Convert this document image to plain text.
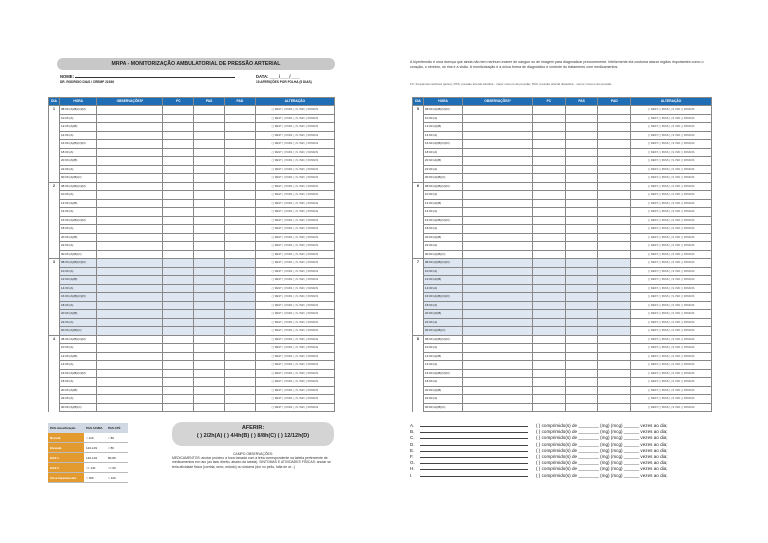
MRPA - MONITORIZAÇÃO AMBULATORIAL DE PRESSÃO ARTERIAL
NOME:	DATA: ____/____/____
DR. RODRIGO DIAS / CREMP 21936	15 AFERIÇÕES POR FOLHA (5 DIAS)
DIA	HORA	OBSERVAÇÕES*	FC	PAS	PAD	ALTERAÇÃO
1	08:00 (A)(B)(C)(D)					( ) REST ( ) PASS ( ) S. IND ( ) PASSOS
	10:00 (A)					( ) REST ( ) PASS ( ) S. IND ( ) PASSOS
	12:00 (A)(B)					( ) REST ( ) PASS ( ) S. IND ( ) PASSOS
	14:00 (A)					( ) REST ( ) PASS ( ) S. IND ( ) PASSOS
	16:00 (A)(B)(C)(D)					( ) REST ( ) PASS ( ) S. IND ( ) PASSOS
	18:00 (A)					( ) REST ( ) PASS ( ) S. IND ( ) PASSOS
	20:00 (A)(B)					( ) REST ( ) PASS ( ) S. IND ( ) PASSOS
	22:00 (A)					( ) REST ( ) PASS ( ) S. IND ( ) PASSOS
	00:00 (A)(B)(C)					( ) REST ( ) PASS ( ) S. IND ( ) PASSOS
2	08:00 (A)(B)(C)(D)					( ) REST ( ) PASS ( ) S. IND ( ) PASSOS
	10:00 (A)					( ) REST ( ) PASS ( ) S. IND ( ) PASSOS
	12:00 (A)(B)					( ) REST ( ) PASS ( ) S. IND ( ) PASSOS
	14:00 (A)					( ) REST ( ) PASS ( ) S. IND ( ) PASSOS
	16:00 (A)(B)(C)(D)					( ) REST ( ) PASS ( ) S. IND ( ) PASSOS
	18:00 (A)					( ) REST ( ) PASS ( ) S. IND ( ) PASSOS
	20:00 (A)(B)					( ) REST ( ) PASS ( ) S. IND ( ) PASSOS
	22:00 (A)					( ) REST ( ) PASS ( ) S. IND ( ) PASSOS
	00:00 (A)(B)(C)					( ) REST ( ) PASS ( ) S. IND ( ) PASSOS
3	08:00 (A)(B)(C)(D)					( ) REST ( ) PASS ( ) S. IND ( ) PASSOS
	10:00 (A)					( ) REST ( ) PASS ( ) S. IND ( ) PASSOS
	12:00 (A)(B)					( ) REST ( ) PASS ( ) S. IND ( ) PASSOS
	14:00 (A)					( ) REST ( ) PASS ( ) S. IND ( ) PASSOS
	16:00 (A)(B)(C)(D)					( ) REST ( ) PASS ( ) S. IND ( ) PASSOS
	18:00 (A)					( ) REST ( ) PASS ( ) S. IND ( ) PASSOS
	20:00 (A)(B)					( ) REST ( ) PASS ( ) S. IND ( ) PASSOS
	22:00 (A)					( ) REST ( ) PASS ( ) S. IND ( ) PASSOS
	00:00 (A)(B)(C)					( ) REST ( ) PASS ( ) S. IND ( ) PASSOS
4	08:00 (A)(B)(C)(D)					( ) REST ( ) PASS ( ) S. IND ( ) PASSOS
	10:00 (A)					( ) REST ( ) PASS ( ) S. IND ( ) PASSOS
	12:00 (A)(B)					( ) REST ( ) PASS ( ) S. IND ( ) PASSOS
	14:00 (A)					( ) REST ( ) PASS ( ) S. IND ( ) PASSOS
	16:00 (A)(B)(C)(D)					( ) REST ( ) PASS ( ) S. IND ( ) PASSOS
	18:00 (A)					( ) REST ( ) PASS ( ) S. IND ( ) PASSOS
	20:00 (A)(B)					( ) REST ( ) PASS ( ) S. IND ( ) PASSOS
	22:00 (A)					( ) REST ( ) PASS ( ) S. IND ( ) PASSOS
	00:00 (A)(B)(C)					( ) REST ( ) PASS ( ) S. IND ( ) PASSOS
DIA	HORA	OBSERVAÇÕES*	FC	PAS	PAD	ALTERAÇÃO
5	08:00 (A)(B)(C)(D)					( ) REST ( ) PASS ( ) S. IND ( ) PASSOS
	10:00 (A)					( ) REST ( ) PASS ( ) S. IND ( ) PASSOS
	12:00 (A)(B)					( ) REST ( ) PASS ( ) S. IND ( ) PASSOS
	14:00 (A)					( ) REST ( ) PASS ( ) S. IND ( ) PASSOS
	16:00 (A)(B)(C)(D)					( ) REST ( ) PASS ( ) S. IND ( ) PASSOS
	18:00 (A)					( ) REST ( ) PASS ( ) S. IND ( ) PASSOS
	20:00 (A)(B)					( ) REST ( ) PASS ( ) S. IND ( ) PASSOS
	22:00 (A)					( ) REST ( ) PASS ( ) S. IND ( ) PASSOS
	00:00 (A)(B)(C)					( ) REST ( ) PASS ( ) S. IND ( ) PASSOS
6	08:00 (A)(B)(C)(D)					( ) REST ( ) PASS ( ) S. IND ( ) PASSOS
	10:00 (A)					( ) REST ( ) PASS ( ) S. IND ( ) PASSOS
	12:00 (A)(B)					( ) REST ( ) PASS ( ) S. IND ( ) PASSOS
	14:00 (A)					( ) REST ( ) PASS ( ) S. IND ( ) PASSOS
	16:00 (A)(B)(C)(D)					( ) REST ( ) PASS ( ) S. IND ( ) PASSOS
	18:00 (A)					( ) REST ( ) PASS ( ) S. IND ( ) PASSOS
	20:00 (A)(B)					( ) REST ( ) PASS ( ) S. IND ( ) PASSOS
	22:00 (A)					( ) REST ( ) PASS ( ) S. IND ( ) PASSOS
	00:00 (A)(B)(C)					( ) REST ( ) PASS ( ) S. IND ( ) PASSOS
7	08:00 (A)(B)(C)(D)					( ) REST ( ) PASS ( ) S. IND ( ) PASSOS
	10:00 (A)					( ) REST ( ) PASS ( ) S. IND ( ) PASSOS
	12:00 (A)(B)					( ) REST ( ) PASS ( ) S. IND ( ) PASSOS
	14:00 (A)					( ) REST ( ) PASS ( ) S. IND ( ) PASSOS
	16:00 (A)(B)(C)(D)					( ) REST ( ) PASS ( ) S. IND ( ) PASSOS
	18:00 (A)					( ) REST ( ) PASS ( ) S. IND ( ) PASSOS
	20:00 (A)(B)					( ) REST ( ) PASS ( ) S. IND ( ) PASSOS
	22:00 (A)					( ) REST ( ) PASS ( ) S. IND ( ) PASSOS
	00:00 (A)(B)(C)					( ) REST ( ) PASS ( ) S. IND ( ) PASSOS
8	08:00 (A)(B)(C)(D)					( ) REST ( ) PASS ( ) S. IND ( ) PASSOS
	10:00 (A)					( ) REST ( ) PASS ( ) S. IND ( ) PASSOS
	12:00 (A)(B)					( ) REST ( ) PASS ( ) S. IND ( ) PASSOS
	14:00 (A)					( ) REST ( ) PASS ( ) S. IND ( ) PASSOS
	16:00 (A)(B)(C)(D)					( ) REST ( ) PASS ( ) S. IND ( ) PASSOS
	18:00 (A)					( ) REST ( ) PASS ( ) S. IND ( ) PASSOS
	20:00 (A)(B)					( ) REST ( ) PASS ( ) S. IND ( ) PASSOS
	22:00 (A)					( ) REST ( ) PASS ( ) S. IND ( ) PASSOS
	00:00 (A)(B)(C)					( ) REST ( ) PASS ( ) S. IND ( ) PASSOS
PAS classificação	PAS ACIMA	PAS ATÉ
Normal	< 120	< 80
Elevada	120-129	< 80
HAS 1	130-139	80-89
HAS 2	>= 140	>= 90
Crise hipertensiva	> 180	> 120
AFERIR:
( ) 2/2h(A) ( ) 4/4h(B) ( ) 8/8h(C) ( ) 12/12h(D)
CAMPO OBSERVAÇÕES:
MEDICAMENTOS: anotar próximo a hora tomada com a letra correspondente na tabela pertencente de medicamentos em uso (ao lado direito, abaixo da tabela). SINTOMAS E ATIVIDADES FÍSICAS: anotar se teria atividade física (corrida, sexo, estudo) ou sintoma (dor no peito, falta de ar...)
A hipertensão é uma doença que ainda não tem nenhum exame de sangue ou de imagem para diagnosticar precocemente. Infelizmente ela costuma atacar órgãos importantes como o coração, o cérebro, os rins e a visão. A monitorização é a única forma de diagnóstico e controle do tratamento com medicamentos.
FC: frequência cardíaca (pulso); PAS: pressão arterial sistólica - maior número da pressão; PAD: pressão arterial diastólica - menor número da pressão.
A.	( ) comprimido(s) de ________ (mg) (mcg) ______ vezes ao dia;
B.	( ) comprimido(s) de ________ (mg) (mcg) ______ vezes ao dia;
C.	( ) comprimido(s) de ________ (mg) (mcg) ______ vezes ao dia;
D.	( ) comprimido(s) de ________ (mg) (mcg) ______ vezes ao dia;
E.	( ) comprimido(s) de ________ (mg) (mcg) ______ vezes ao dia;
F.	( ) comprimido(s) de ________ (mg) (mcg) ______ vezes ao dia;
G.	( ) comprimido(s) de ________ (mg) (mcg) ______ vezes ao dia;
H.	( ) comprimido(s) de ________ (mg) (mcg) ______ vezes ao dia;
I.	( ) comprimido(s) de ________ (mg) (mcg) ______ vezes ao dia;
